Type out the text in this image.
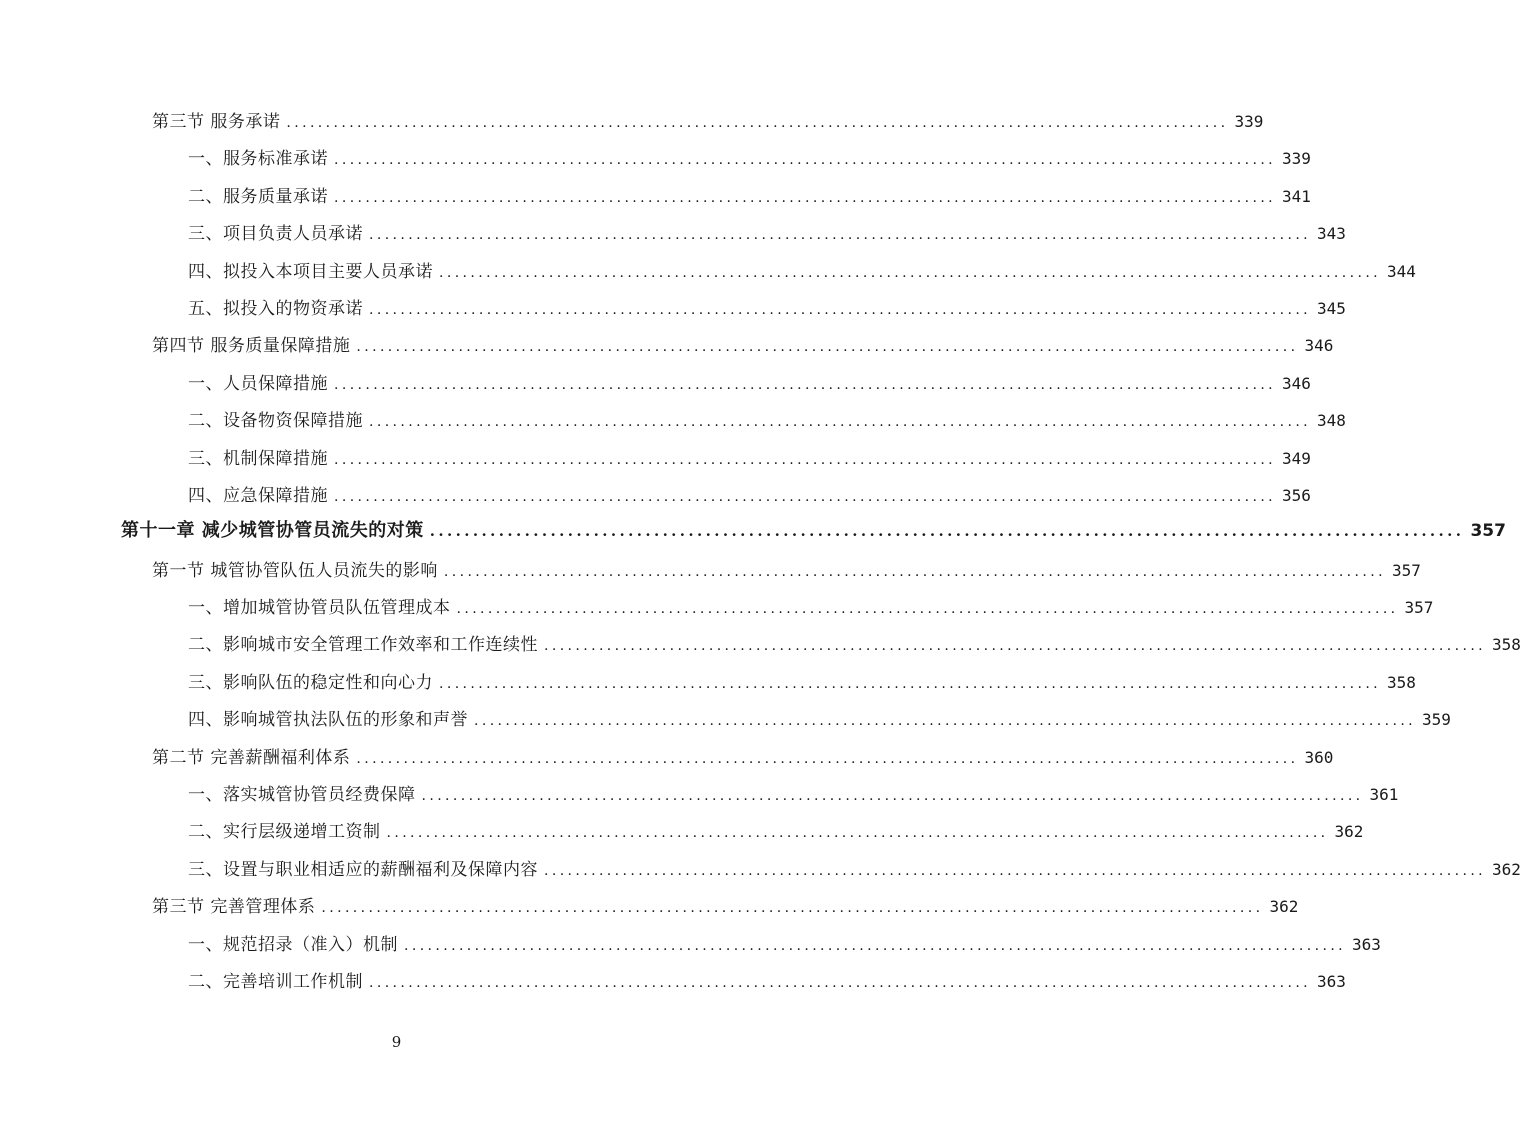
第三节 服务承诺 ........................................................................................................................ 339
一、服务标准承诺 ........................................................................................................................ 339
二、服务质量承诺 ........................................................................................................................ 341
三、项目负责人员承诺 ........................................................................................................................ 343
四、拟投入本项目主要人员承诺 ........................................................................................................................ 344
五、拟投入的物资承诺 ........................................................................................................................ 345
第四节 服务质量保障措施 ........................................................................................................................ 346
一、人员保障措施 ........................................................................................................................ 346
二、设备物资保障措施 ........................................................................................................................ 348
三、机制保障措施 ........................................................................................................................ 349
四、应急保障措施 ........................................................................................................................ 356
第十一章 减少城管协管员流失的对策 ........................................................................................................................ 357
第一节 城管协管队伍人员流失的影响 ........................................................................................................................ 357
一、增加城管协管员队伍管理成本 ........................................................................................................................ 357
二、影响城市安全管理工作效率和工作连续性 ........................................................................................................................ 358
三、影响队伍的稳定性和向心力 ........................................................................................................................ 358
四、影响城管执法队伍的形象和声誉 ........................................................................................................................ 359
第二节 完善薪酬福利体系 ........................................................................................................................ 360
一、落实城管协管员经费保障 ........................................................................................................................ 361
二、实行层级递增工资制 ........................................................................................................................ 362
三、设置与职业相适应的薪酬福利及保障内容 ........................................................................................................................ 362
第三节 完善管理体系 ........................................................................................................................ 362
一、规范招录（准入）机制 ........................................................................................................................ 363
二、完善培训工作机制 ........................................................................................................................ 363
9
